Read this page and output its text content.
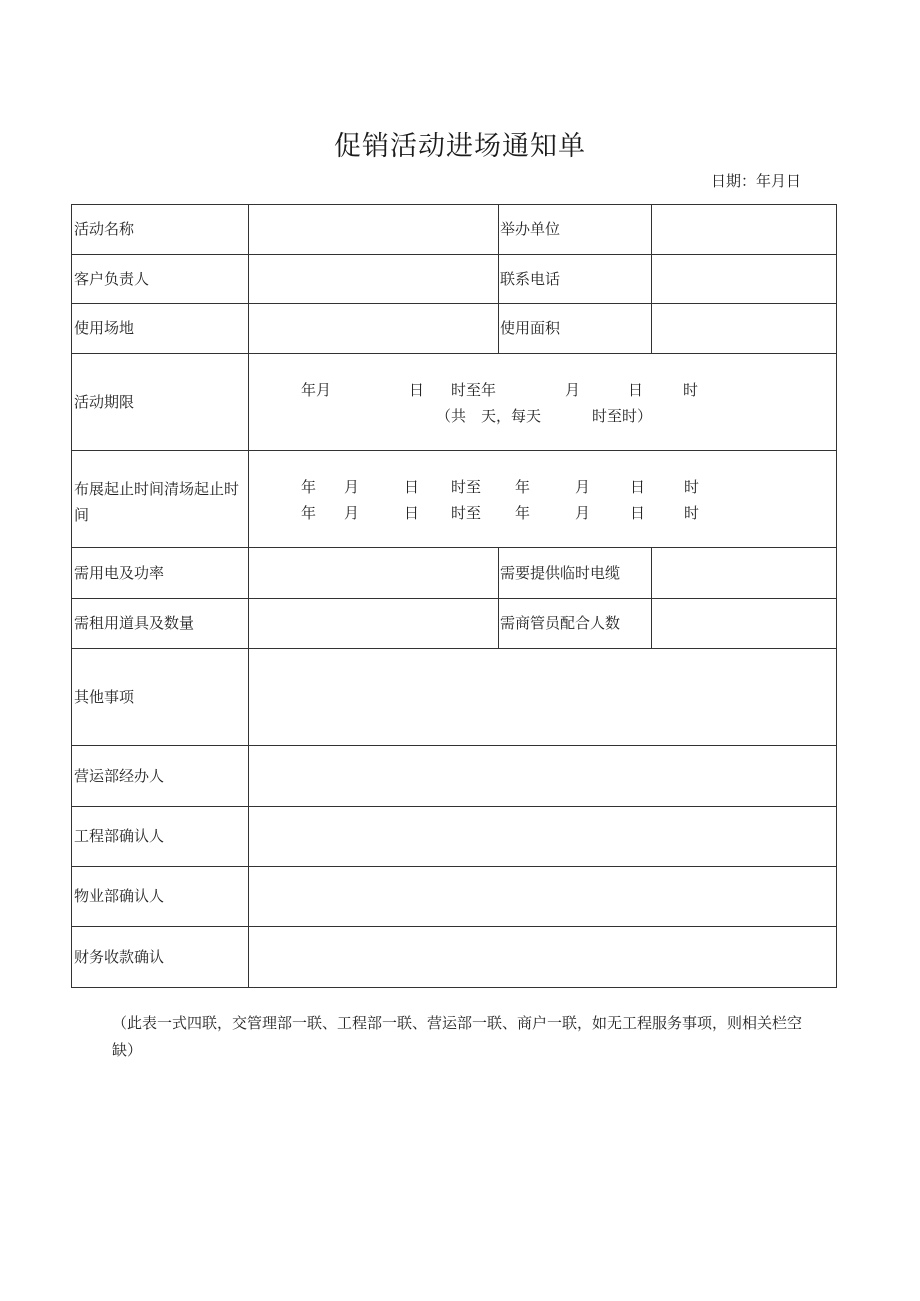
促销活动进场通知单
日期：年月日
活动名称	举办单位
客户负责人	联系电话
使用场地	使用面积
活动期限
年月	日 时至年	月	日	时
（共　天，每天	时至时）
布展起止时间清场起止时
间
年 月	日 时至 年	月	日	时
年 月	日 时至 年	月	日	时
需用电及功率	需要提供临时电缆
需租用道具及数量	需商管员配合人数
其他事项
营运部经办人
工程部确认人
物业部确认人
财务收款确认
（此表一式四联，交管理部一联、工程部一联、营运部一联、商户一联，如无工程服务事项，则相关栏空缺）
